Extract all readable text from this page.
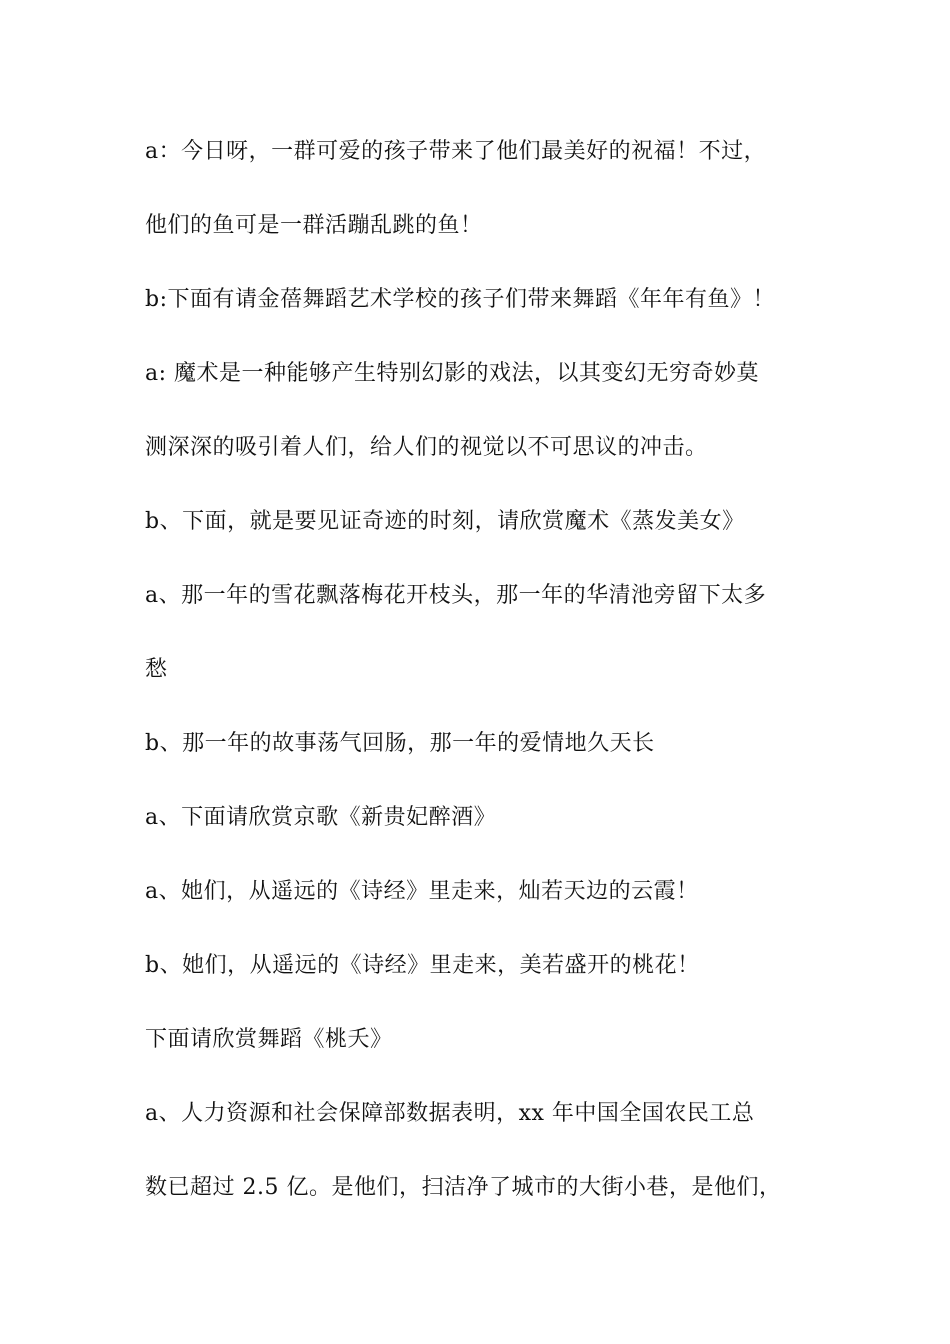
a：今日呀，一群可爱的孩子带来了他们最美好的祝福！不过，
他们的鱼可是一群活蹦乱跳的鱼！
b:下面有请金蓓舞蹈艺术学校的孩子们带来舞蹈《年年有鱼》！
a: 魔术是一种能够产生特别幻影的戏法，以其变幻无穷奇妙莫
测深深的吸引着人们，给人们的视觉以不可思议的冲击。
b、下面，就是要见证奇迹的时刻，请欣赏魔术《蒸发美女》
a、那一年的雪花飘落梅花开枝头，那一年的华清池旁留下太多
愁
b、那一年的故事荡气回肠，那一年的爱情地久天长
a、下面请欣赏京歌《新贵妃醉酒》
a、她们，从遥远的《诗经》里走来，灿若天边的云霞！
b、她们，从遥远的《诗经》里走来，美若盛开的桃花！
下面请欣赏舞蹈《桃夭》
a、人力资源和社会保障部数据表明，xx 年中国全国农民工总
数已超过 2.5 亿。是他们，扫洁净了城市的大街小巷，是他们，
